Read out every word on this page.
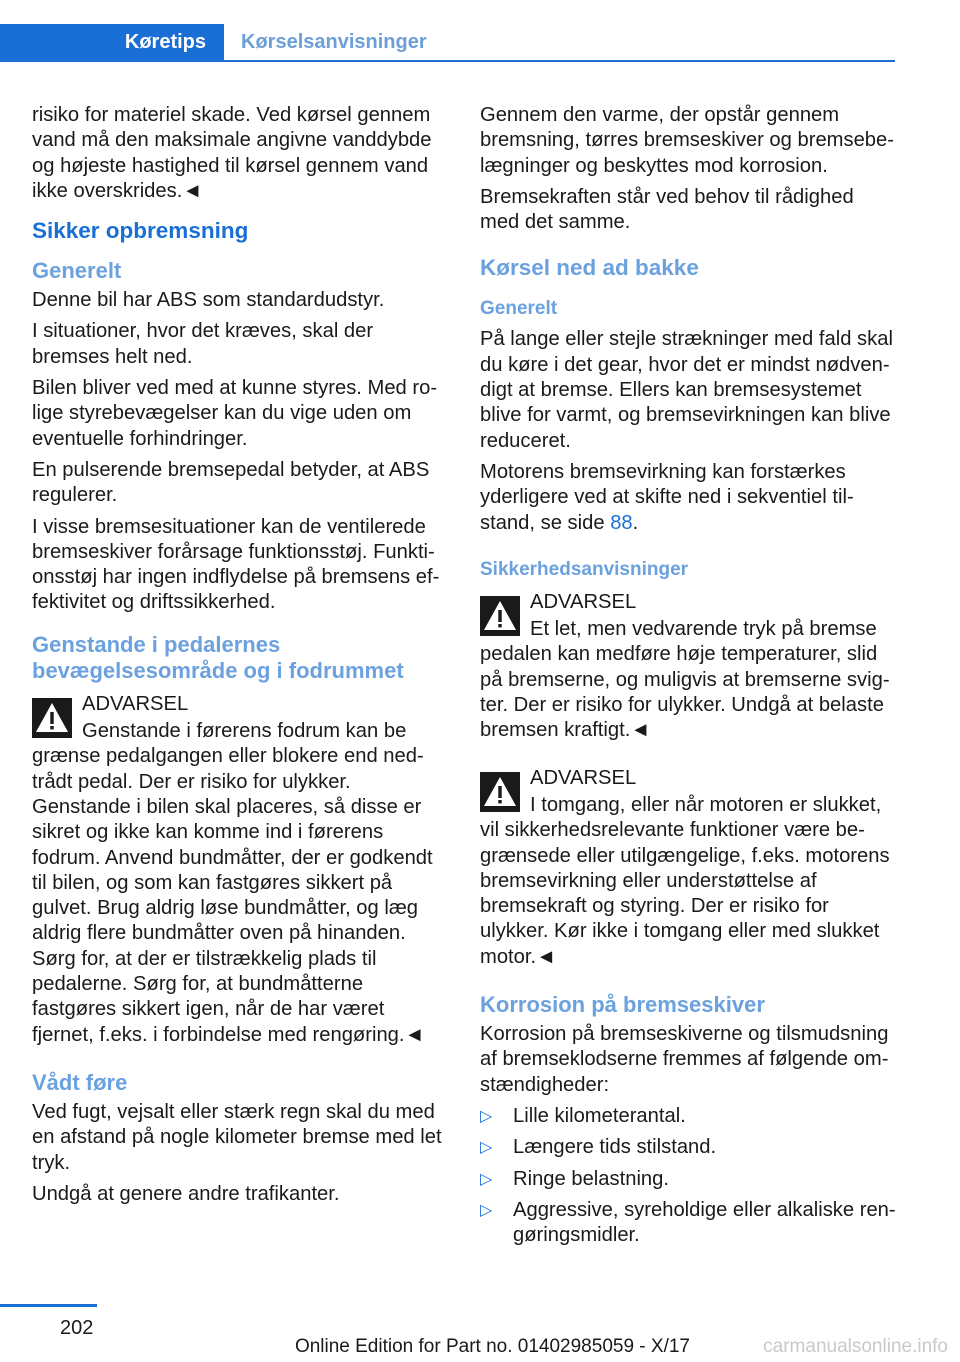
Køretips	Kørselsanvisninger

risiko for materiel skade. Ved kørsel gennem vand må den maksimale angivne vanddybde og højeste hastighed til kørsel gennem vand ikke overskrides.◄

Sikker opbremsning
Generelt

Denne bil har ABS som standardudstyr.

I situationer, hvor det kræves, skal der bremses helt ned.

Bilen bliver ved med at kunne styres. Med rolige styrebevægelser kan du vige uden om eventuelle forhindringer.

En pulserende bremsepedal betyder, at ABS regulerer.

I visse bremsesituationer kan de ventilerede bremseskiver forårsage funktionsstøj. Funktionsstøj har ingen indflydelse på bremsens effektivitet og driftssikkerhed.

Genstande i pedalernes bevægelsesområde og i fodrummet
ADVARSEL
Genstande i førerens fodrum kan be

grænse pedalgangen eller blokere end nedtrådt pedal. Der er risiko for ulykker. Genstande i bilen skal placeres, så disse er sikret og ikke kan komme ind i førerens fodrum. Anvend bundmåtter, der er godkendt til bilen, og som kan fastgøres sikkert på gulvet. Brug aldrig løse bundmåtter, og læg aldrig flere bundmåtter oven på hinanden. Sørg for, at der er tilstrækkelig plads til pedalerne. Sørg for, at bundmåtterne fastgøres sikkert igen, når de har været fjernet, f.eks. i forbindelse med rengøring.◄

Vådt føre

Ved fugt, vejsalt eller stærk regn skal du med en afstand på nogle kilometer bremse med let tryk.

Undgå at genere andre trafikanter.

Gennem den varme, der opstår gennem bremsning, tørres bremseskiver og bremsebelægninger og beskyttes mod korrosion.

Bremsekraften står ved behov til rådighed med det samme.

Kørsel ned ad bakke
Generelt

På lange eller stejle strækninger med fald skal du køre i det gear, hvor det er mindst nødvendigt at bremse. Ellers kan bremsesystemet blive for varmt, og bremsevirkningen kan blive reduceret.

Motorens bremsevirkning kan forstærkes yderligere ved at skifte ned i sekventiel tilstand, se side 88.

Sikkerhedsanvisninger
ADVARSEL
Et let, men vedvarende tryk på bremse

pedalen kan medføre høje temperaturer, slid på bremserne, og muligvis at bremserne svigter. Der er risiko for ulykker. Undgå at belaste bremsen kraftigt.◄

ADVARSEL
I tomgang, eller når motoren er slukket,

vil sikkerhedsrelevante funktioner være begrænsede eller utilgængelige, f.eks. motorens bremsevirkning eller understøttelse af bremsekraft og styring. Der er risiko for ulykker. Kør ikke i tomgang eller med slukket motor.◄

Korrosion på bremseskiver

Korrosion på bremseskiverne og tilsmudsning af bremseklodserne fremmes af følgende omstændigheder:

▷ Lille kilometerantal.
▷ Længere tids stilstand.
▷ Ringe belastning.
▷ Aggressive, syreholdige eller alkaliske rengøringsmidler.
202
Online Edition for Part no. 01402985059 - X/17	carmanualsonline.info
